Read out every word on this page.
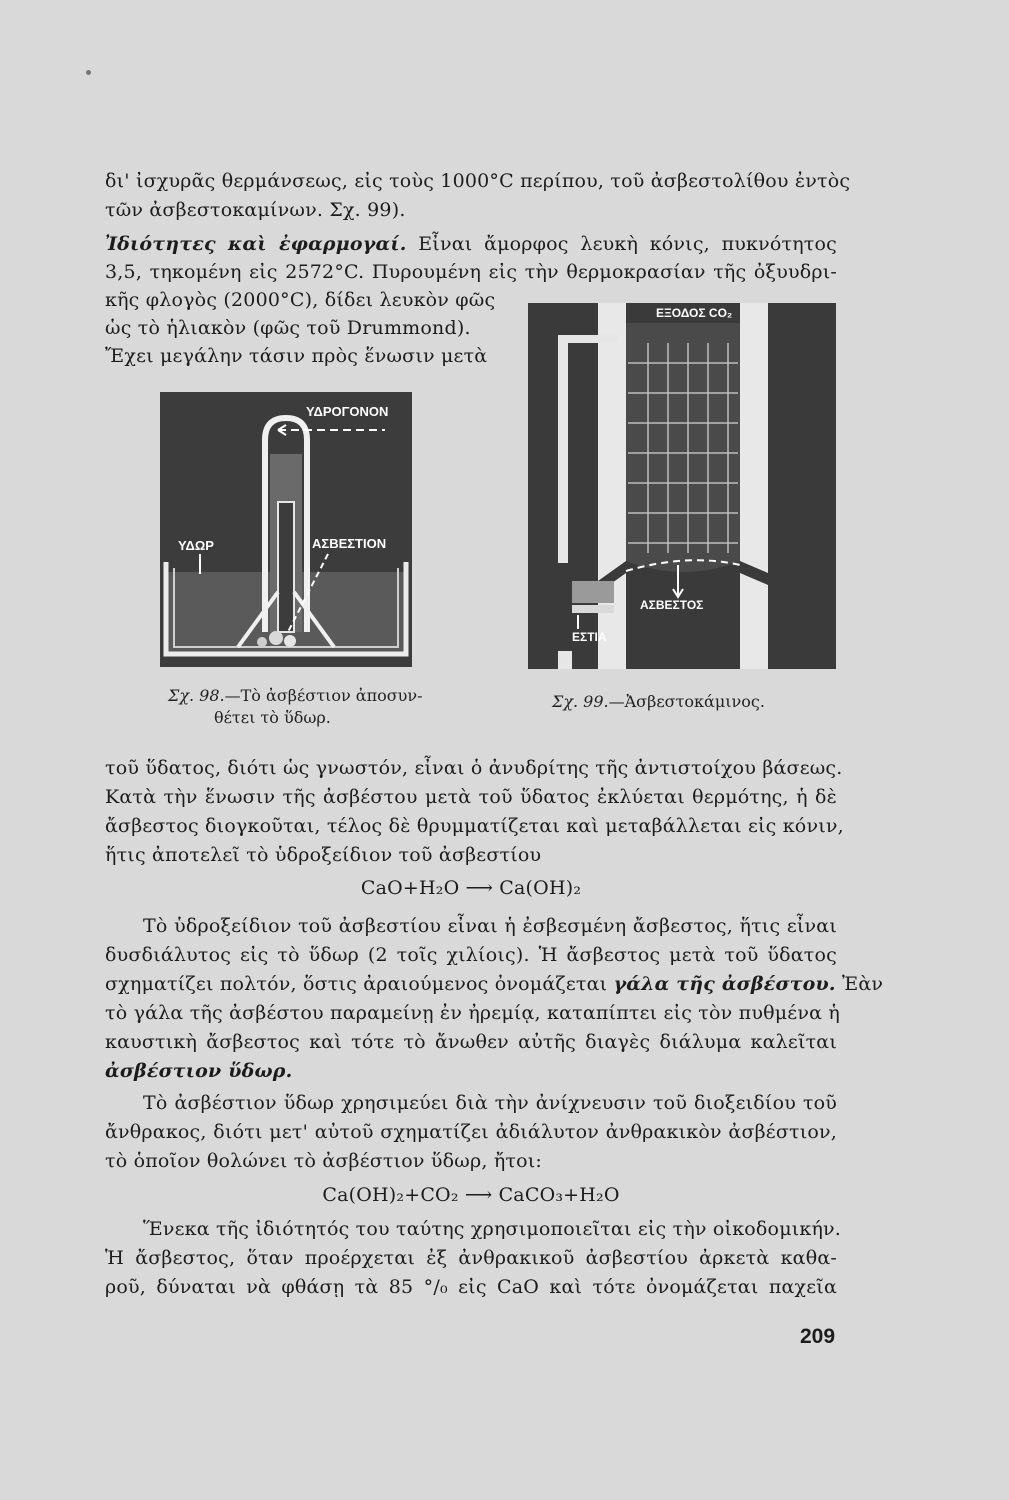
δι' ἰσχυρᾶς θερμάνσεως, εἰς τοὺς 1000°C περίπου, τοῦ ἀσβεστολίθου ἐντὸς
τῶν ἀσβεστοκαμίνων. Σχ. 99).
Ἰδιότητες καὶ ἐφαρμογαί. Εἶναι ἄμορφος λευκὴ κόνις, πυκνότητος
3,5, τηκομένη εἰς 2572°C. Πυρουμένη εἰς τὴν θερμοκρασίαν τῆς ὀξυυδρι-
κῆς φλογὸς (2000°C), δίδει λευκὸν φῶς
ὡς τὸ ἡλιακὸν (φῶς τοῦ Drummond).
Ἔχει μεγάλην τάσιν πρὸς ἕνωσιν μετὰ
ΥΔΡΟΓΟΝΟΝ
ΥΔΩΡ	ΑΣΒΕΣΤΙΟΝ
Σχ. 98.—Τὸ ἀσβέστιον ἀποσυν-
θέτει τὸ ὕδωρ.
ΕΞΟΔΟΣ CO₂
ΑΣΒΕΣΤΟΣ
ΕΣΤΙΑ
Σχ. 99.—Ἀσβεστοκάμινος.
τοῦ ὕδατος, διότι ὡς γνωστόν, εἶναι ὁ ἀνυδρίτης τῆς ἀντιστοίχου βάσεως.
Κατὰ τὴν ἕνωσιν τῆς ἀσβέστου μετὰ τοῦ ὕδατος ἐκλύεται θερμότης, ἡ δὲ
ἄσβεστος διογκοῦται, τέλος δὲ θρυμματίζεται καὶ μεταβάλλεται εἰς κόνιν,
ἥτις ἀποτελεῖ τὸ ὑδροξείδιον τοῦ ἀσβεστίου
CaO+H₂O ⟶ Ca(OH)₂
Τὸ ὑδροξείδιον τοῦ ἀσβεστίου εἶναι ἡ ἐσβεσμένη ἄσβεστος, ἥτις εἶναι
δυσδιάλυτος εἰς τὸ ὕδωρ (2 τοῖς χιλίοις). Ἡ ἄσβεστος μετὰ τοῦ ὕδατος
σχηματίζει πολτόν, ὅστις ἀραιούμενος ὀνομάζεται γάλα τῆς ἀσβέστου. Ἐὰν
τὸ γάλα τῆς ἀσβέστου παραμείνῃ ἐν ἠρεμίᾳ, καταπίπτει εἰς τὸν πυθμένα ἡ
καυστικὴ ἄσβεστος καὶ τότε τὸ ἄνωθεν αὐτῆς διαγὲς διάλυμα καλεῖται
ἀσβέστιον ὕδωρ.
Τὸ ἀσβέστιον ὕδωρ χρησιμεύει διὰ τὴν ἀνίχνευσιν τοῦ διοξειδίου τοῦ
ἄνθρακος, διότι μετ' αὐτοῦ σχηματίζει ἀδιάλυτον ἀνθρακικὸν ἀσβέστιον,
τὸ ὁποῖον θολώνει τὸ ἀσβέστιον ὕδωρ, ἤτοι:
Ca(OH)₂+CO₂ ⟶ CaCO₃+H₂O
Ἕνεκα τῆς ἰδιότητός του ταύτης χρησιμοποιεῖται εἰς τὴν οἰκοδομικήν.
Ἡ ἄσβεστος, ὅταν προέρχεται ἐξ ἀνθρακικοῦ ἀσβεστίου ἀρκετὰ καθα-
ροῦ, δύναται νὰ φθάσῃ τὰ 85 °/₀ εἰς CaO καὶ τότε ὀνομάζεται παχεῖα
209
